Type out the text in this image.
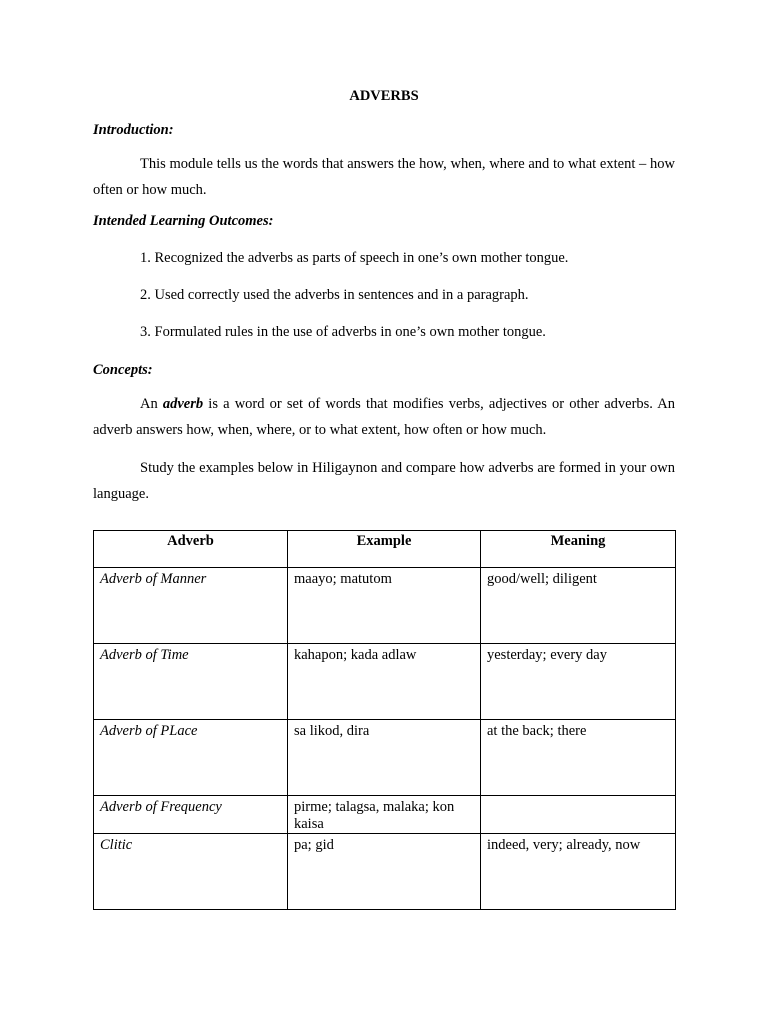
ADVERBS

Introduction:

This module tells us the words that answers the how, when, where and to what extent – how often or how much.

Intended Learning Outcomes:

1. Recognized the adverbs as parts of speech in one’s own mother tongue.

2. Used correctly used the adverbs in sentences and in a paragraph.

3. Formulated rules in the use of adverbs in one’s own mother tongue.

Concepts:

An adverb is a word or set of words that modifies verbs, adjectives or other adverbs. An adverb answers how, when, where, or to what extent, how often or how much.

Study the examples below in Hiligaynon and compare how adverbs are formed in your own language.

Adverb	Example	Meaning
Adverb of Manner	maayo; matutom	good/well; diligent
Adverb of Time	kahapon; kada adlaw	yesterday; every day
Adverb of PLace	sa likod, dira	at the back; there
Adverb of Frequency	pirme; talagsa, malaka; kon kaisa	
Clitic	pa; gid	indeed, very; already, now
